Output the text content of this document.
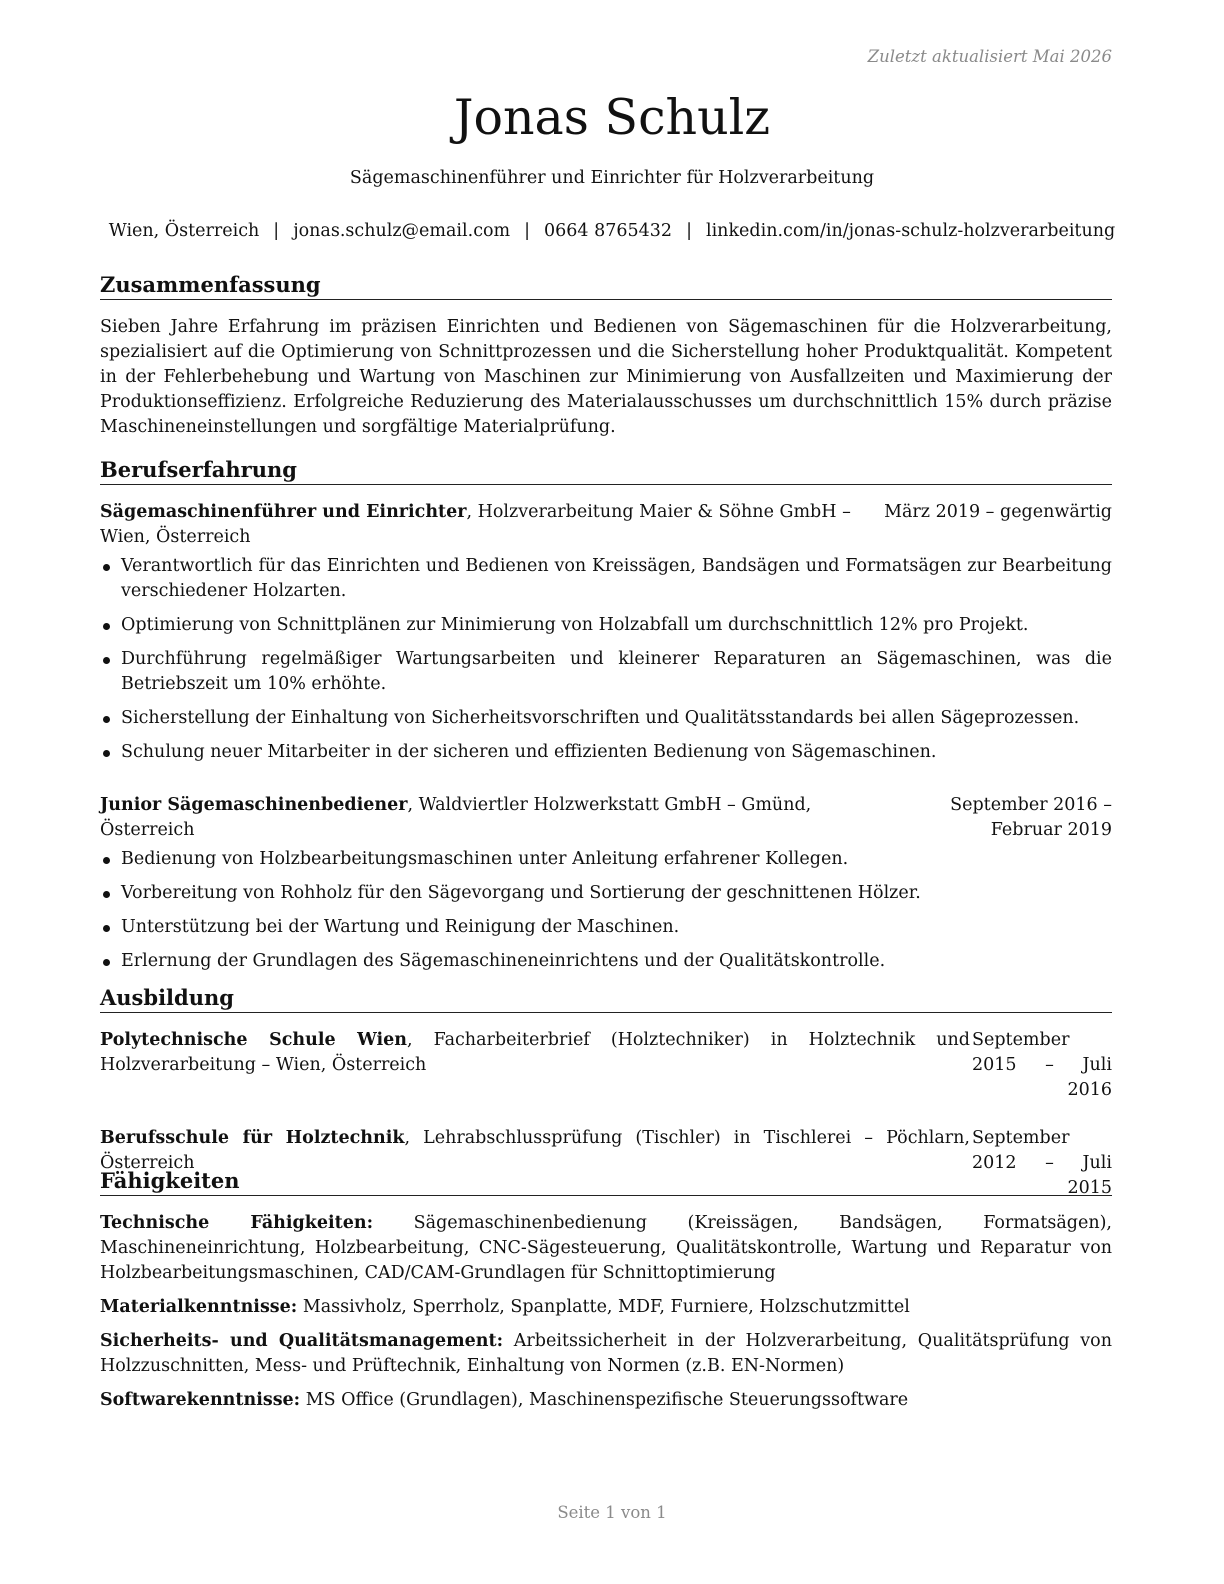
Zuletzt aktualisiert Mai 2026
Jonas Schulz
Sägemaschinenführer und Einrichter für Holzverarbeitung
Wien, Österreich | jonas.schulz@email.com | 0664 8765432 | linkedin.com/in/jonas-schulz-holzverarbeitung
Zusammenfassung
Sieben Jahre Erfahrung im präzisen Einrichten und Bedienen von Sägemaschinen für die Holzverarbeitung, spezialisiert auf die Optimierung von Schnittprozessen und die Sicherstellung hoher Produktqualität. Kompetent in der Fehlerbehebung und Wartung von Maschinen zur Minimierung von Ausfallzeiten und Maximierung der Produktionseffizienz. Erfolgreiche Reduzierung des Materialausschusses um durchschnittlich 15% durch präzise Maschineneinstellungen und sorgfältige Materialprüfung.
Berufserfahrung
Sägemaschinenführer und Einrichter, Holzverarbeitung Maier & Söhne GmbH – Wien, Österreich
März 2019 – gegenwärtig
Verantwortlich für das Einrichten und Bedienen von Kreissägen, Bandsägen und Formatsägen zur Bearbeitung verschiedener Holzarten.
Optimierung von Schnittplänen zur Minimierung von Holzabfall um durchschnittlich 12% pro Projekt.
Durchführung regelmäßiger Wartungsarbeiten und kleinerer Reparaturen an Sägemaschinen, was die Betriebszeit um 10% erhöhte.
Sicherstellung der Einhaltung von Sicherheitsvorschriften und Qualitätsstandards bei allen Sägeprozessen.
Schulung neuer Mitarbeiter in der sicheren und effizienten Bedienung von Sägemaschinen.
Junior Sägemaschinenbediener, Waldviertler Holzwerkstatt GmbH – Gmünd, Österreich
September 2016 – Februar 2019
Bedienung von Holzbearbeitungsmaschinen unter Anleitung erfahrener Kollegen.
Vorbereitung von Rohholz für den Sägevorgang und Sortierung der geschnittenen Hölzer.
Unterstützung bei der Wartung und Reinigung der Maschinen.
Erlernung der Grundlagen des Sägemaschineneinrichtens und der Qualitätskontrolle.
Ausbildung
Polytechnische Schule Wien, Facharbeiterbrief (Holztechniker) in Holztechnik und Holzverarbeitung – Wien, Österreich
September 2015 – Juli
2016
Berufsschule für Holztechnik, Lehrabschlussprüfung (Tischler) in Tischlerei – Pöchlarn, Österreich
September 2012 – Juli
2015
Fähigkeiten
Technische Fähigkeiten: Sägemaschinenbedienung (Kreissägen, Bandsägen, Formatsägen), Maschineneinrichtung, Holzbearbeitung, CNC-Sägesteuerung, Qualitätskontrolle, Wartung und Reparatur von Holzbearbeitungsmaschinen, CAD/CAM-Grundlagen für Schnittoptimierung
Materialkenntnisse: Massivholz, Sperrholz, Spanplatte, MDF, Furniere, Holzschutzmittel
Sicherheits- und Qualitätsmanagement: Arbeitssicherheit in der Holzverarbeitung, Qualitätsprüfung von Holzzuschnitten, Mess- und Prüftechnik, Einhaltung von Normen (z.B. EN-Normen)
Softwarekenntnisse: MS Office (Grundlagen), Maschinenspezifische Steuerungssoftware
Seite 1 von 1
